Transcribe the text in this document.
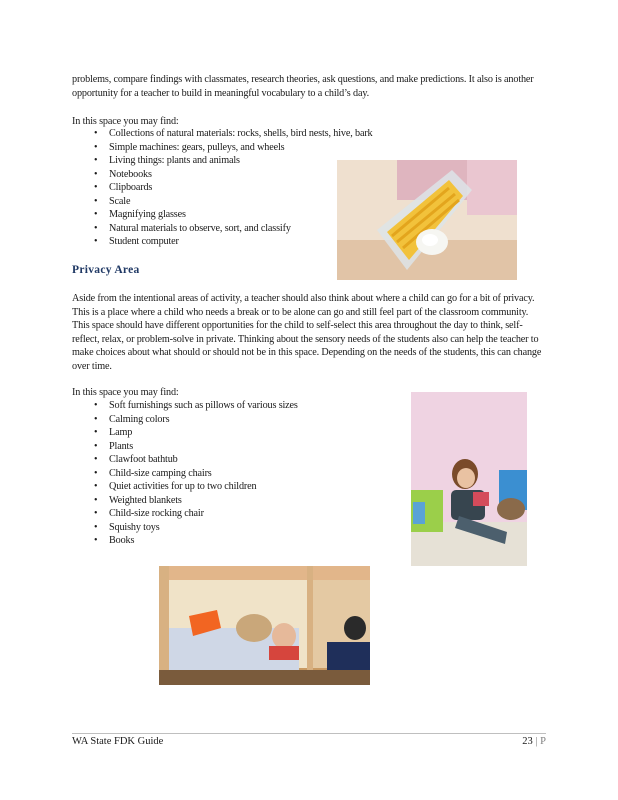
problems, compare findings with classmates, research theories, ask questions, and make predictions. It also is another opportunity for a teacher to build in meaningful vocabulary to a child’s day.

In this space you may find:

• Collections of natural materials: rocks, shells, bird nests, hive, bark
• Simple machines: gears, pulleys, and wheels
• Living things: plants and animals
• Notebooks
• Clipboards
• Scale
• Magnifying glasses
• Natural materials to observe, sort, and classify
• Student computer
Privacy Area

Aside from the intentional areas of activity, a teacher should also think about where a child can go for a bit of privacy. This is a place where a child who needs a break or to be alone can go and still feel part of the classroom community. This space should have different opportunities for the child to self-select this area throughout the day to think, self-reflect, relax, or problem-solve in private. Thinking about the sensory needs of the students also can help the teacher to make choices about what should or should not be in this space. Depending on the needs of the students, this can change over time.

In this space you may find:

• Soft furnishings such as pillows of various sizes
• Calming colors
• Lamp
• Plants
• Clawfoot bathtub
• Child-size camping chairs
• Quiet activities for up to two children
• Weighted blankets
• Child-size rocking chair
• Squishy toys
• Books
WA State FDK Guide	23 | P
